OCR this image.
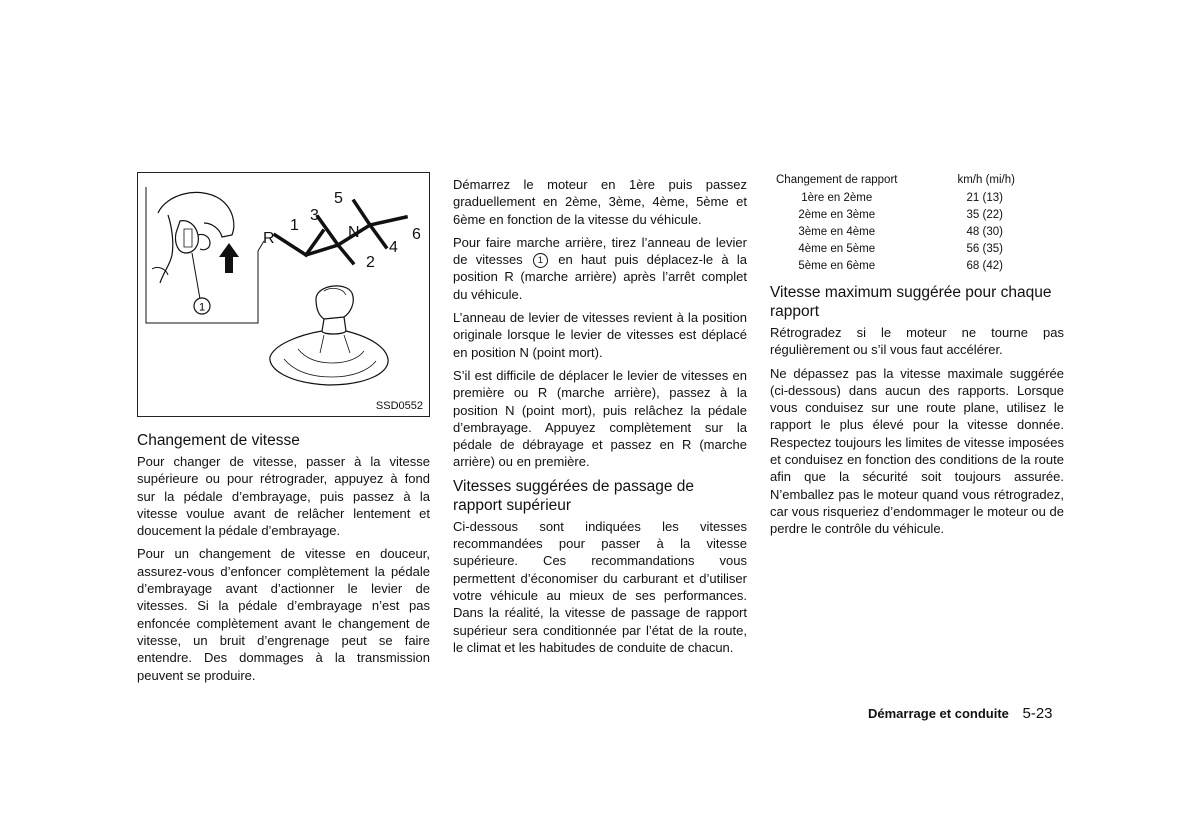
1
5
3
1
R	N	6
4
2
SSD0552
Changement de vitesse

Pour changer de vitesse, passer à la vitesse supérieure ou pour rétrograder, appuyez à fond sur la pédale d’embrayage, puis passez à la vitesse voulue avant de relâcher lentement et doucement la pédale d’embrayage.

Pour un changement de vitesse en douceur, assurez-vous d’enfoncer complètement la pédale d’embrayage avant d’actionner le levier de vitesses. Si la pédale d’embrayage n’est pas enfoncée complètement avant le changement de vitesse, un bruit d’engrenage peut se faire entendre. Des dommages à la transmission peuvent se produire.

Démarrez le moteur en 1ère puis passez graduellement en 2ème, 3ème, 4ème, 5ème et 6ème en fonction de la vitesse du véhicule.

Pour faire marche arrière, tirez l’anneau de levier de vitesses 1 en haut puis déplacez-le à la position R (marche arrière) après l’arrêt complet du véhicule.

L’anneau de levier de vitesses revient à la position originale lorsque le levier de vitesses est déplacé en position N (point mort).

S’il est difficile de déplacer le levier de vitesses en première ou R (marche arrière), passez à la position N (point mort), puis relâchez la pédale d’embrayage. Appuyez complètement sur la pédale de débrayage et passez en R (marche arrière) ou en première.

Vitesses suggérées de passage de rapport supérieur

Ci-dessous sont indiquées les vitesses recommandées pour passer à la vitesse supérieure. Ces recommandations vous permettent d’économiser du carburant et d’utiliser votre véhicule au mieux de ses performances. Dans la réalité, la vitesse de passage de rapport supérieur sera conditionnée par l’état de la route, le climat et les habitudes de conduite de chacun.

Changement de rapport	km/h (mi/h)
1ère en 2ème	21 (13)
2ème en 3ème	35 (22)
3ème en 4ème	48 (30)
4ème en 5ème	56 (35)
5ème en 6ème	68 (42)
Vitesse maximum suggérée pour chaque rapport

Rétrogradez si le moteur ne tourne pas régulièrement ou s’il vous faut accélérer.

Ne dépassez pas la vitesse maximale suggérée (ci-dessous) dans aucun des rapports. Lorsque vous conduisez sur une route plane, utilisez le rapport le plus élevé pour la vitesse donnée. Respectez toujours les limites de vitesse imposées et conduisez en fonction des conditions de la route afin que la sécurité soit toujours assurée. N’emballez pas le moteur quand vous rétrogradez, car vous risqueriez d’endommager le moteur ou de perdre le contrôle du véhicule.

Démarrage et conduite 5-23
